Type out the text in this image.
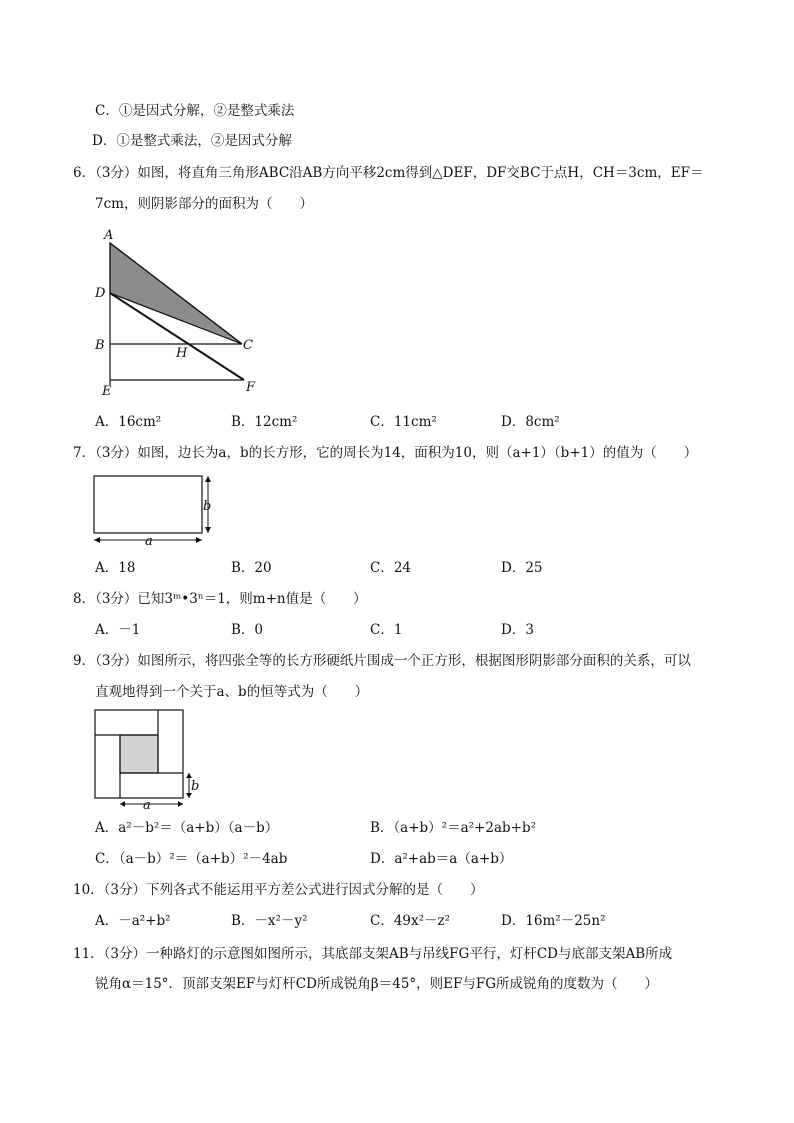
C．①是因式分解，②是整式乘法
D．①是整式乘法，②是因式分解
6．（3分）如图，将直角三角形ABC沿AB方向平移2cm得到△DEF，DF交BC于点H，CH＝3cm，EF＝
7cm，则阴影部分的面积为（　　）
A
D
B
H
C
E	F
A．16cm²	B．12cm²	C．11cm²	D．8cm²
7．（3分）如图，边长为a，b的长方形，它的周长为14，面积为10，则（a+1）（b+1）的值为（　　）
b
a
A．18	B．20	C．24	D．25
8．（3分）已知3ᵐ•3ⁿ＝1，则m+n值是（　　）
A．－1	B．0	C．1	D．3
9．（3分）如图所示，将四张全等的长方形硬纸片围成一个正方形，根据图形阴影部分面积的关系，可以
直观地得到一个关于a、b的恒等式为（　　）
b
a
A．a²－b²＝（a+b）（a－b）	B．（a+b）²＝a²+2ab+b²
C．（a－b）²＝（a+b）²－4ab	D．a²+ab＝a（a+b）
10．（3分）下列各式不能运用平方差公式进行因式分解的是（　　）
A．－a²+b²	B．－x²－y²	C．49x²－z²	D．16m²－25n²
11．（3分）一种路灯的示意图如图所示，其底部支架AB与吊线FG平行，灯杆CD与底部支架AB所成
锐角α＝15°．顶部支架EF与灯杆CD所成锐角β＝45°，则EF与FG所成锐角的度数为（　　）
